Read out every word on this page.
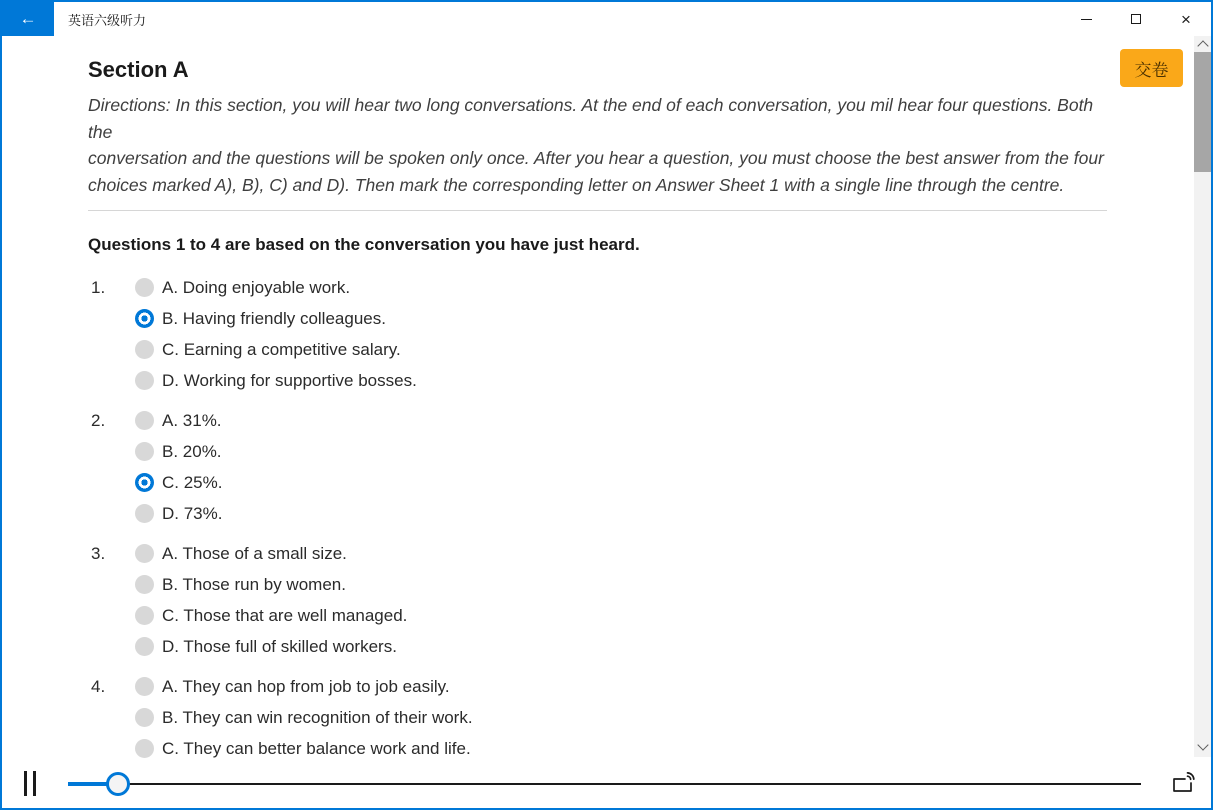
← 英语六级听力	×
交卷
Section A
Directions: In this section, you will hear two long conversations. At the end of each conversation, you mil hear four questions. Both the
conversation and the questions will be spoken only once. After you hear a question, you must choose the best answer from the four
choices marked A), B), C) and D). Then mark the corresponding letter on Answer Sheet 1 with a single line through the centre.
Questions 1 to 4 are based on the conversation you have just heard.
1.	A. Doing enjoyable work.
B. Having friendly colleagues.
C. Earning a competitive salary.
D. Working for supportive bosses.
2.	A. 31%.
B. 20%.
C. 25%.
D. 73%.
3.	A. Those of a small size.
B. Those run by women.
C. Those that are well managed.
D. Those full of skilled workers.
4.	A. They can hop from job to job easily.
B. They can win recognition of their work.
C. They can better balance work and life.
